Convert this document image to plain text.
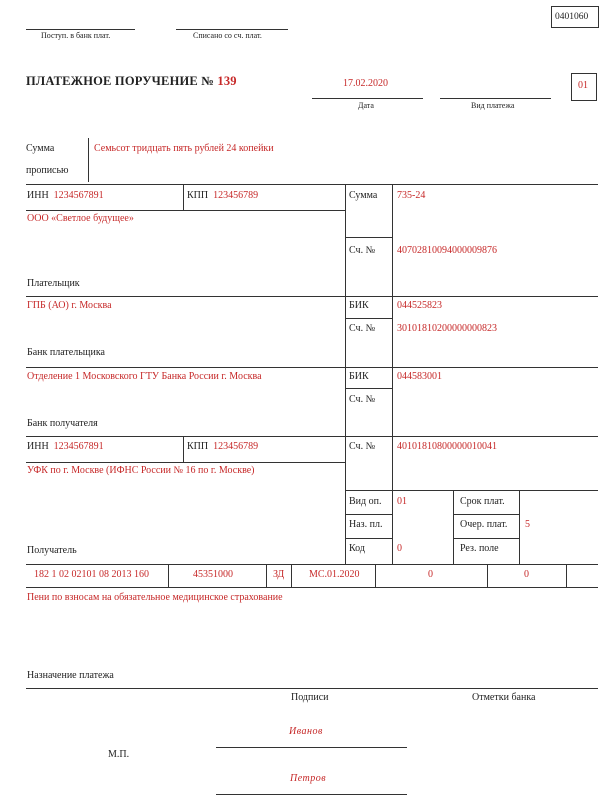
0401060
Поступ. в банк плат.	Списано со сч. плат.
ПЛАТЕЖНОЕ ПОРУЧЕНИЕ № 139	17.02.2020
Дата	Вид платежа
01
Сумма
прописью
Семьсот тридцать пять рублей 24 копейки
ИНН 1234567891	КПП 123456789
ООО «Светлое будущее»
Плательщик
Сумма 735-24
Сч. № 40702810094000009876
ГПБ (АО) г. Москва
Банк плательщика
БИК	044525823
Сч. № 30101810200000000823
Отделение 1 Московского ГТУ Банка России г. Москва
Банк получателя
БИК	044583001
Сч. №
ИНН 1234567891	КПП 123456789
УФК по г. Москве (ИФНС России № 16 по г. Москве)
Получатель
Сч. № 40101810800000010041
Вид оп. 01
Наз. пл.
Код	0
Срок плат.
Очер. плат. 5
Рез. поле
182 1 02 02101 08 2013 160	45351000	ЗД МС.01.2020	0	0
Пени по взносам на обязательное медицинское страхование
Назначение платежа
Подписи	Отметки банка
М.П.
Иванов
Петров
